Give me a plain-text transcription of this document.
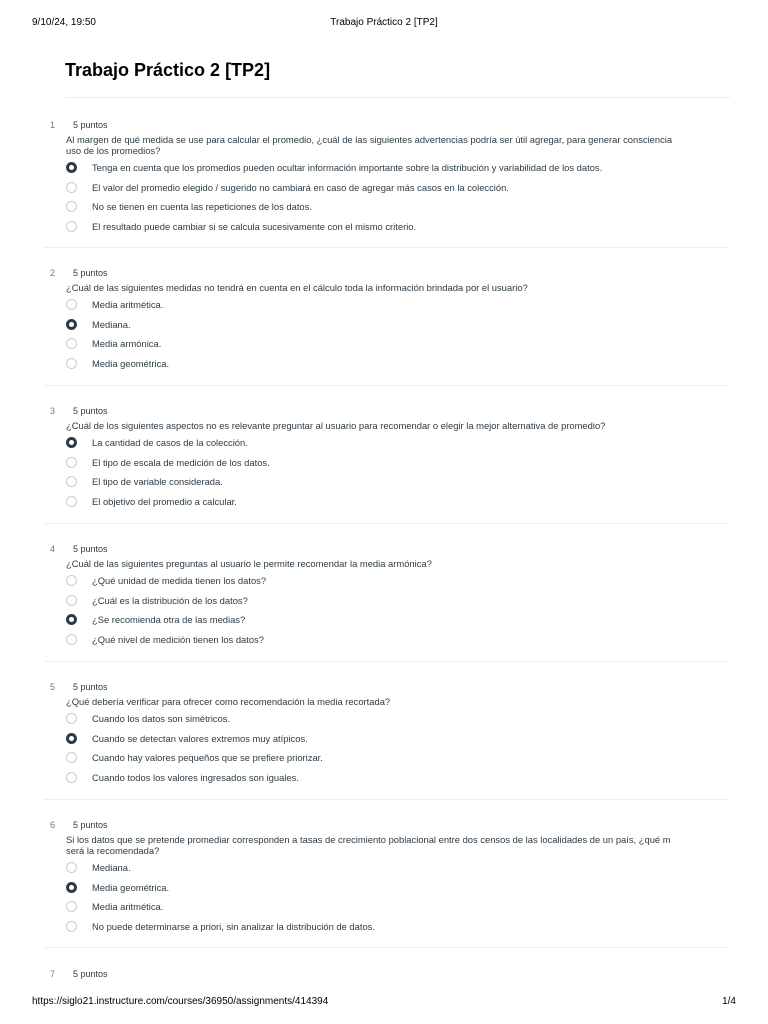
9/10/24, 19:50	Trabajo Práctico 2 [TP2]
Trabajo Práctico 2 [TP2]
1 5 puntos
Al margen de qué medida se use para calcular el promedio, ¿cuál de las siguientes advertencias podría ser útil agregar, para generar consciencia
uso de los promedios?
Tenga en cuenta que los promedios pueden ocultar información importante sobre la distribución y variabilidad de los datos.
El valor del promedio elegido / sugerido no cambiará en caso de agregar más casos en la colección.
No se tienen en cuenta las repeticiones de los datos.
El resultado puede cambiar si se calcula sucesivamente con el mismo criterio.
2 5 puntos
¿Cuál de las siguientes medidas no tendrá en cuenta en el cálculo toda la información brindada por el usuario?
Media aritmética.
Mediana.
Media armónica.
Media geométrica.
3 5 puntos
¿Cuál de los siguientes aspectos no es relevante preguntar al usuario para recomendar o elegir la mejor alternativa de promedio?
La cantidad de casos de la colección.
El tipo de escala de medición de los datos.
El tipo de variable considerada.
El objetivo del promedio a calcular.
4 5 puntos
¿Cuál de las siguientes preguntas al usuario le permite recomendar la media armónica?
¿Qué unidad de medida tienen los datos?
¿Cuál es la distribución de los datos?
¿Se recomienda otra de las medias?
¿Qué nivel de medición tienen los datos?
5 5 puntos
¿Qué debería verificar para ofrecer como recomendación la media recortada?
Cuando los datos son simétricos.
Cuando se detectan valores extremos muy atípicos.
Cuando hay valores pequeños que se prefiere priorizar.
Cuando todos los valores ingresados son iguales.
6 5 puntos
Si los datos que se pretende promediar corresponden a tasas de crecimiento poblacional entre dos censos de las localidades de un país, ¿qué m
será la recomendada?
Mediana.
Media geométrica.
Media aritmética.
No puede determinarse a priori, sin analizar la distribución de datos.
7 5 puntos
https://siglo21.instructure.com/courses/36950/assignments/414394	1/4
